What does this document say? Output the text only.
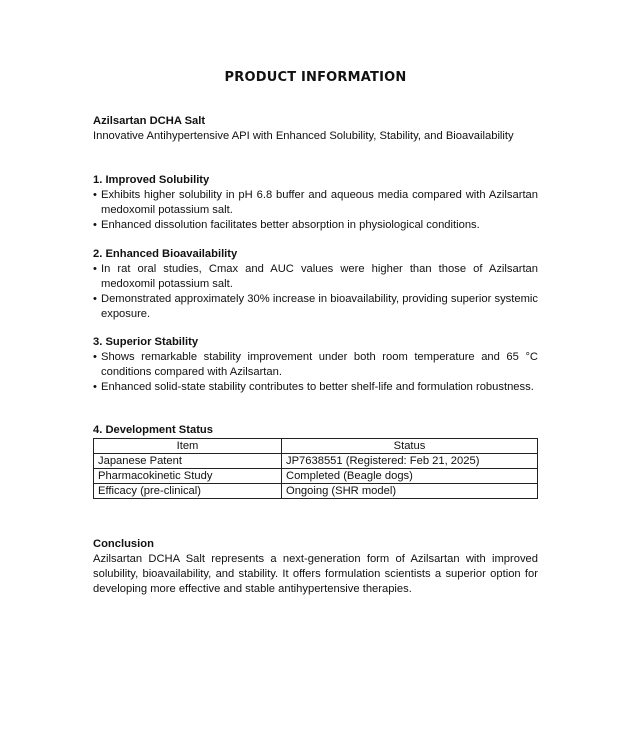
PRODUCT INFORMATION
Azilsartan DCHA Salt
Innovative Antihypertensive API with Enhanced Solubility, Stability, and Bioavailability
1. Improved Solubility
• Exhibits higher solubility in pH 6.8 buffer and aqueous media compared with Azilsartan medoxomil potassium salt.
• Enhanced dissolution facilitates better absorption in physiological conditions.
2. Enhanced Bioavailability
• In rat oral studies, Cmax and AUC values were higher than those of Azilsartan medoxomil potassium salt.
• Demonstrated approximately 30% increase in bioavailability, providing superior systemic exposure.
3. Superior Stability
• Shows remarkable stability improvement under both room temperature and 65 °C conditions compared with Azilsartan.
• Enhanced solid-state stability contributes to better shelf-life and formulation robustness.
4. Development Status
Item	Status
Japanese Patent	JP7638551 (Registered: Feb 21, 2025)
Pharmacokinetic Study	Completed (Beagle dogs)
Efficacy (pre-clinical)	Ongoing (SHR model)
Conclusion
Azilsartan DCHA Salt represents a next-generation form of Azilsartan with improved solubility, bioavailability, and stability. It offers formulation scientists a superior option for developing more effective and stable antihypertensive therapies.
